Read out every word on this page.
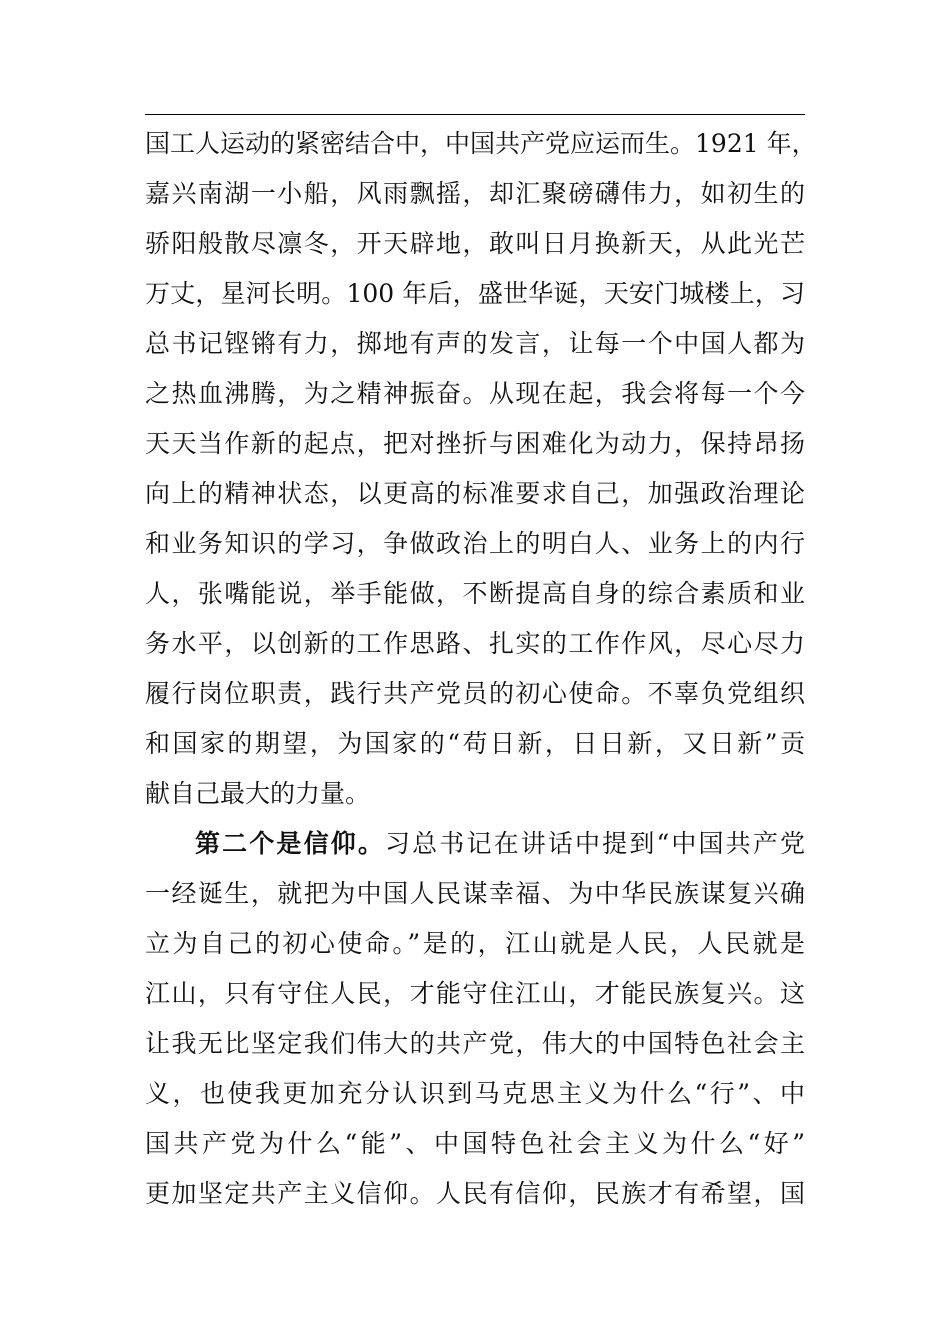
国工人运动的紧密结合中，中国共产党应运而生。1921 年，
嘉兴南湖一小船，风雨飘摇，却汇聚磅礴伟力，如初生的
骄阳般散尽凛冬，开天辟地，敢叫日月换新天，从此光芒
万丈，星河长明。100 年后，盛世华诞，天安门城楼上，习
总书记铿锵有力，掷地有声的发言，让每一个中国人都为
之热血沸腾，为之精神振奋。从现在起，我会将每一个今
天天当作新的起点，把对挫折与困难化为动力，保持昂扬
向上的精神状态，以更高的标准要求自己，加强政治理论
和业务知识的学习，争做政治上的明白人、业务上的内行
人，张嘴能说，举手能做，不断提高自身的综合素质和业
务水平，以创新的工作思路、扎实的工作作风，尽心尽力
履行岗位职责，践行共产党员的初心使命。不辜负党组织
和国家的期望，为国家的“苟日新，日日新，又日新”贡
献自己最大的力量。
第二个是信仰。习总书记在讲话中提到“中国共产党
一经诞生，就把为中国人民谋幸福、为中华民族谋复兴确
立为自己的初心使命。”是的，江山就是人民，人民就是
江山，只有守住人民，才能守住江山，才能民族复兴。这
让我无比坚定我们伟大的共产党，伟大的中国特色社会主
义，也使我更加充分认识到马克思主义为什么“行”、中
国共产党为什么“能”、中国特色社会主义为什么“好”
更加坚定共产主义信仰。人民有信仰，民族才有希望，国
